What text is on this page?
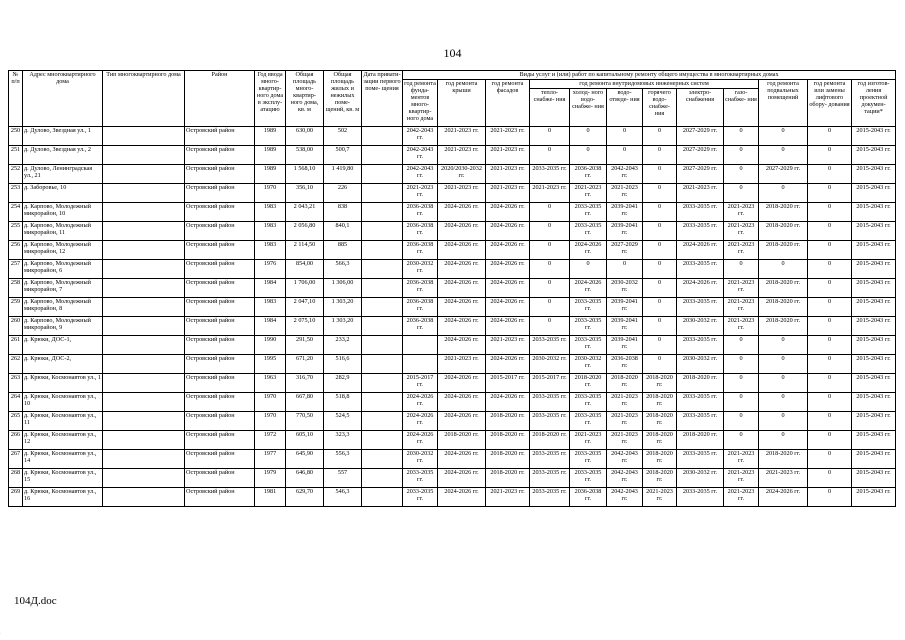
104
№ п/п	Адрес многоквартирного дома	Тип многоквартирного дома	Район	Год ввода много- квартир- ного дома в эксплу- атацию	Общая площадь много- квартир- ного дома, кв. м	Общая площадь жилых и нежилых поме- щений, кв. м	Дата привати- зации первого поме- щения	Виды услуг и (или) работ по капитальному ремонту общего имущества в многоквартирных домах											
								год ремонта фунда- ментов много- квартир- ного дома	год ремонта крыши	год ремонта фасадов	год ремонта внутридомовых инженерных систем						год ремонта подвальных помещений	год ремонта или замены лифтового обору- дования	год изготов- ления проектной докумен- тации*
											тепло- снабже- ния	холод- ного водо- снабже- ния	водо- отведе- ния	горячего водо- снабже- ния	электро- снабжения	газо- снабже- ния			
250	д. Дулово, Звездная ул., 1		Островский район	1989	630,00	502		2042-2043 гг.	2021-2023 гг.	2021-2023 гг.	0	0	0	0	2027-2029 гг.	0	0	0	2015-2043 гг.
251	д. Дулово, Звездная ул., 2		Островский район	1989	538,00	500,7		2042-2043 гг.	2021-2023 гг.	2021-2023 гг.	0	0	0	0	2027-2029 гг.	0	0	0	2015-2043 гг.
252	д. Дулово, Ленинградская ул., 21		Островский район	1989	1 568,10	1 419,80		2042-2043 гг.	2020/2030-2032 гг.	2021-2023 гг.	2033-2035 гг.	2036-2038 гг.	2042-2043 гг.	0	2027-2029 гг.	0	2027-2029 гг.	0	2015-2043 гг.
253	д. Заборовье, 10		Островский район	1970	356,10	226		2021-2023 гг.	2021-2023 гг.	2021-2023 гг.	2021-2023 гг.	2021-2023 гг.	2021-2023 гг.	0	2021-2023 гг.	0	0	0	2015-2043 гг.
254	д. Карпово, Молодежный микрорайон, 10		Островский район	1983	2 043,21	838		2036-2038 гг.	2024-2026 гг.	2024-2026 гг.	0	2033-2035 гг.	2039-2041 гг.	0	2033-2035 гг.	2021-2023 гг.	2018-2020 гг.	0	2015-2043 гг.
255	д. Карпово, Молодежный микрорайон, 11		Островский район	1983	2 056,80	840,1		2036-2038 гг.	2024-2026 гг.	2024-2026 гг.	0	2033-2035 гг.	2039-2041 гг.	0	2033-2035 гг.	2021-2023 гг.	2018-2020 гг.	0	2015-2043 гг.
256	д. Карпово, Молодежный микрорайон, 12		Островский район	1983	2 114,50	885		2036-2038 гг.	2024-2026 гг.	2024-2026 гг.	0	2024-2026 гг.	2027-2029 гг.	0	2024-2026 гг.	2021-2023 гг.	2018-2020 гг.	0	2015-2043 гг.
257	д. Карпово, Молодежный микрорайон, 6		Островский район	1976	854,00	566,3		2030-2032 гг.	2024-2026 гг.	2024-2026 гг.	0	0	0	0	2033-2035 гг.	0	0	0	2015-2043 гг.
258	д. Карпово, Молодежный микрорайон, 7		Островский район	1984	1 706,00	1 306,00		2036-2038 гг.	2024-2026 гг.	2024-2026 гг.	0	2024-2026 гг.	2030-2032 гг.	0	2024-2026 гг.	2021-2023 гг.	2018-2020 гг.	0	2015-2043 гг.
259	д. Карпово, Молодежный микрорайон, 8		Островский район	1983	2 047,10	1 303,20		2036-2038 гг.	2024-2026 гг.	2024-2026 гг.	0	2033-2035 гг.	2039-2041 гг.	0	2033-2035 гг.	2021-2023 гг.	2018-2020 гг.	0	2015-2043 гг.
260	д. Карпово, Молодежный микрорайон, 9		Островский район	1984	2 075,10	1 303,20		2036-2038 гг.	2024-2026 гг.	2024-2026 гг.	0	2033-2035 гг.	2039-2041 гг.	0	2030-2032 гг.	2021-2023 гг.	2018-2020 гг.	0	2015-2043 гг.
261	д. Крюки, ДОС-1,		Островский район	1990	291,50	233,2			2024-2026 гг.	2021-2023 гг.	2033-2035 гг.	2033-2035 гг.	2039-2041 гг.	0	2033-2035 гг.	0	0	0	2015-2043 гг.
262	д. Крюки, ДОС-2,		Островский район	1995	671,20	516,6			2021-2023 гг.	2024-2026 гг.	2030-2032 гг.	2030-2032 гг.	2036-2038 гг.	0	2030-2032 гг.	0	0	0	2015-2043 гг.
263	д. Крюки, Космонавтов ул., 1		Островский район	1963	316,70	282,9		2015-2017 гг.	2024-2026 гг.	2015-2017 гг.	2015-2017 гг.	2018-2020 гг.	2018-2020 гг.	2018-2020 гг.	2018-2020 гг.	0	0	0	2015-2043 гг.
264	д. Крюки, Космонавтов ул., 10		Островский район	1970	667,80	518,8		2024-2026 гг.	2024-2026 гг.	2024-2026 гг.	2033-2035 гг.	2033-2035 гг.	2021-2023 гг.	2018-2020 гг.	2033-2035 гг.	0	0	0	2015-2043 гг.
265	д. Крюки, Космонавтов ул., 11		Островский район	1970	770,50	524,5		2024-2026 гг.	2024-2026 гг.	2018-2020 гг.	2033-2035 гг.	2033-2035 гг.	2021-2023 гг.	2018-2020 гг.	2033-2035 гг.	0	0	0	2015-2043 гг.
266	д. Крюки, Космонавтов ул., 12		Островский район	1972	605,10	323,3		2024-2026 гг.	2018-2020 гг.	2018-2020 гг.	2018-2020 гг.	2021-2023 гг.	2021-2023 гг.	2018-2020 гг.	2018-2020 гг.	0	0	0	2015-2043 гг.
267	д. Крюки, Космонавтов ул., 14		Островский район	1977	645,90	556,3		2030-2032 гг.	2024-2026 гг.	2018-2020 гг.	2033-2035 гг.	2033-2035 гг.	2042-2043 гг.	2018-2020 гг.	2033-2035 гг.	2021-2023 гг.	2018-2020 гг.	0	2015-2043 гг.
268	д. Крюки, Космонавтов ул., 15		Островский район	1979	646,80	557		2033-2035 гг.	2024-2026 гг.	2018-2020 гг.	2033-2035 гг.	2033-2035 гг.	2042-2043 гг.	2018-2020 гг.	2030-2032 гг.	2021-2023 гг.	2021-2023 гг.	0	2015-2043 гг.
269	д. Крюки, Космонавтов ул., 16		Островский район	1981	629,70	546,3		2033-2035 гг.	2024-2026 гг.	2021-2023 гг.	2033-2035 гг.	2036-2038 гг.	2042-2043 гг.	2021-2023 гг.	2033-2035 гг.	2021-2023 гг.	2024-2026 гг.	0	2015-2043 гг.
104Д.doc
·
